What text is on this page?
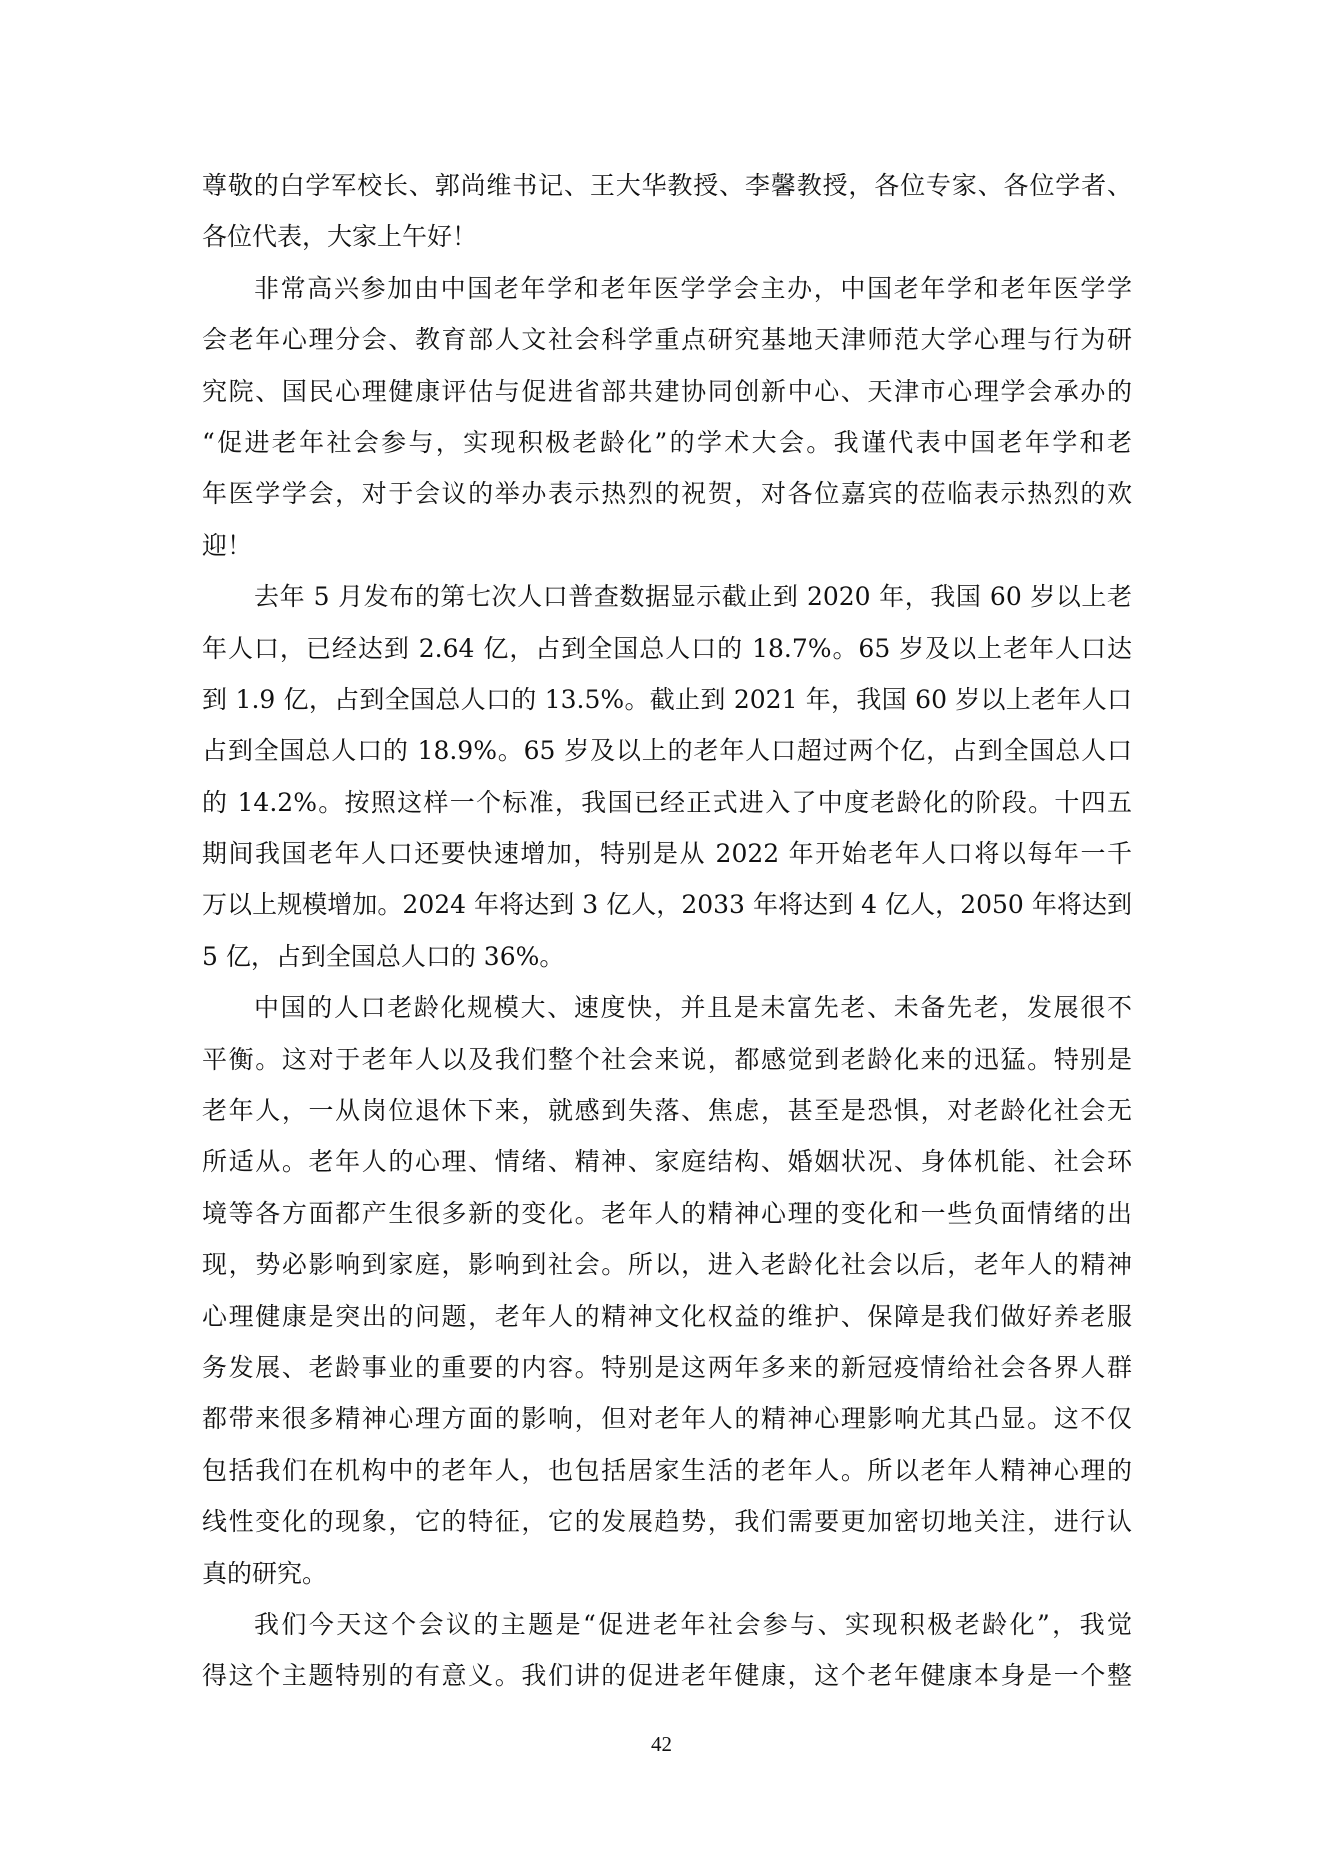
尊敬的白学军校长、郭尚维书记、王大华教授、李馨教授，各位专家、各位学者、
各位代表，大家上午好！
非常高兴参加由中国老年学和老年医学学会主办，中国老年学和老年医学学
会老年心理分会、教育部人文社会科学重点研究基地天津师范大学心理与行为研
究院、国民心理健康评估与促进省部共建协同创新中心、天津市心理学会承办的
“促进老年社会参与，实现积极老龄化”的学术大会。我谨代表中国老年学和老
年医学学会，对于会议的举办表示热烈的祝贺，对各位嘉宾的莅临表示热烈的欢
迎！
去年 5 月发布的第七次人口普查数据显示截止到 2020 年，我国 60 岁以上老
年人口，已经达到 2.64 亿，占到全国总人口的 18.7%。65 岁及以上老年人口达
到 1.9 亿，占到全国总人口的 13.5%。截止到 2021 年，我国 60 岁以上老年人口
占到全国总人口的 18.9%。65 岁及以上的老年人口超过两个亿，占到全国总人口
的 14.2%。按照这样一个标准，我国已经正式进入了中度老龄化的阶段。十四五
期间我国老年人口还要快速增加，特别是从 2022 年开始老年人口将以每年一千
万以上规模增加。2024 年将达到 3 亿人，2033 年将达到 4 亿人，2050 年将达到
5 亿，占到全国总人口的 36%。
中国的人口老龄化规模大、速度快，并且是未富先老、未备先老，发展很不
平衡。这对于老年人以及我们整个社会来说，都感觉到老龄化来的迅猛。特别是
老年人，一从岗位退休下来，就感到失落、焦虑，甚至是恐惧，对老龄化社会无
所适从。老年人的心理、情绪、精神、家庭结构、婚姻状况、身体机能、社会环
境等各方面都产生很多新的变化。老年人的精神心理的变化和一些负面情绪的出
现，势必影响到家庭，影响到社会。所以，进入老龄化社会以后，老年人的精神
心理健康是突出的问题，老年人的精神文化权益的维护、保障是我们做好养老服
务发展、老龄事业的重要的内容。特别是这两年多来的新冠疫情给社会各界人群
都带来很多精神心理方面的影响，但对老年人的精神心理影响尤其凸显。这不仅
包括我们在机构中的老年人，也包括居家生活的老年人。所以老年人精神心理的
线性变化的现象，它的特征，它的发展趋势，我们需要更加密切地关注，进行认
真的研究。
我们今天这个会议的主题是“促进老年社会参与、实现积极老龄化”，我觉
得这个主题特别的有意义。我们讲的促进老年健康，这个老年健康本身是一个整
42
